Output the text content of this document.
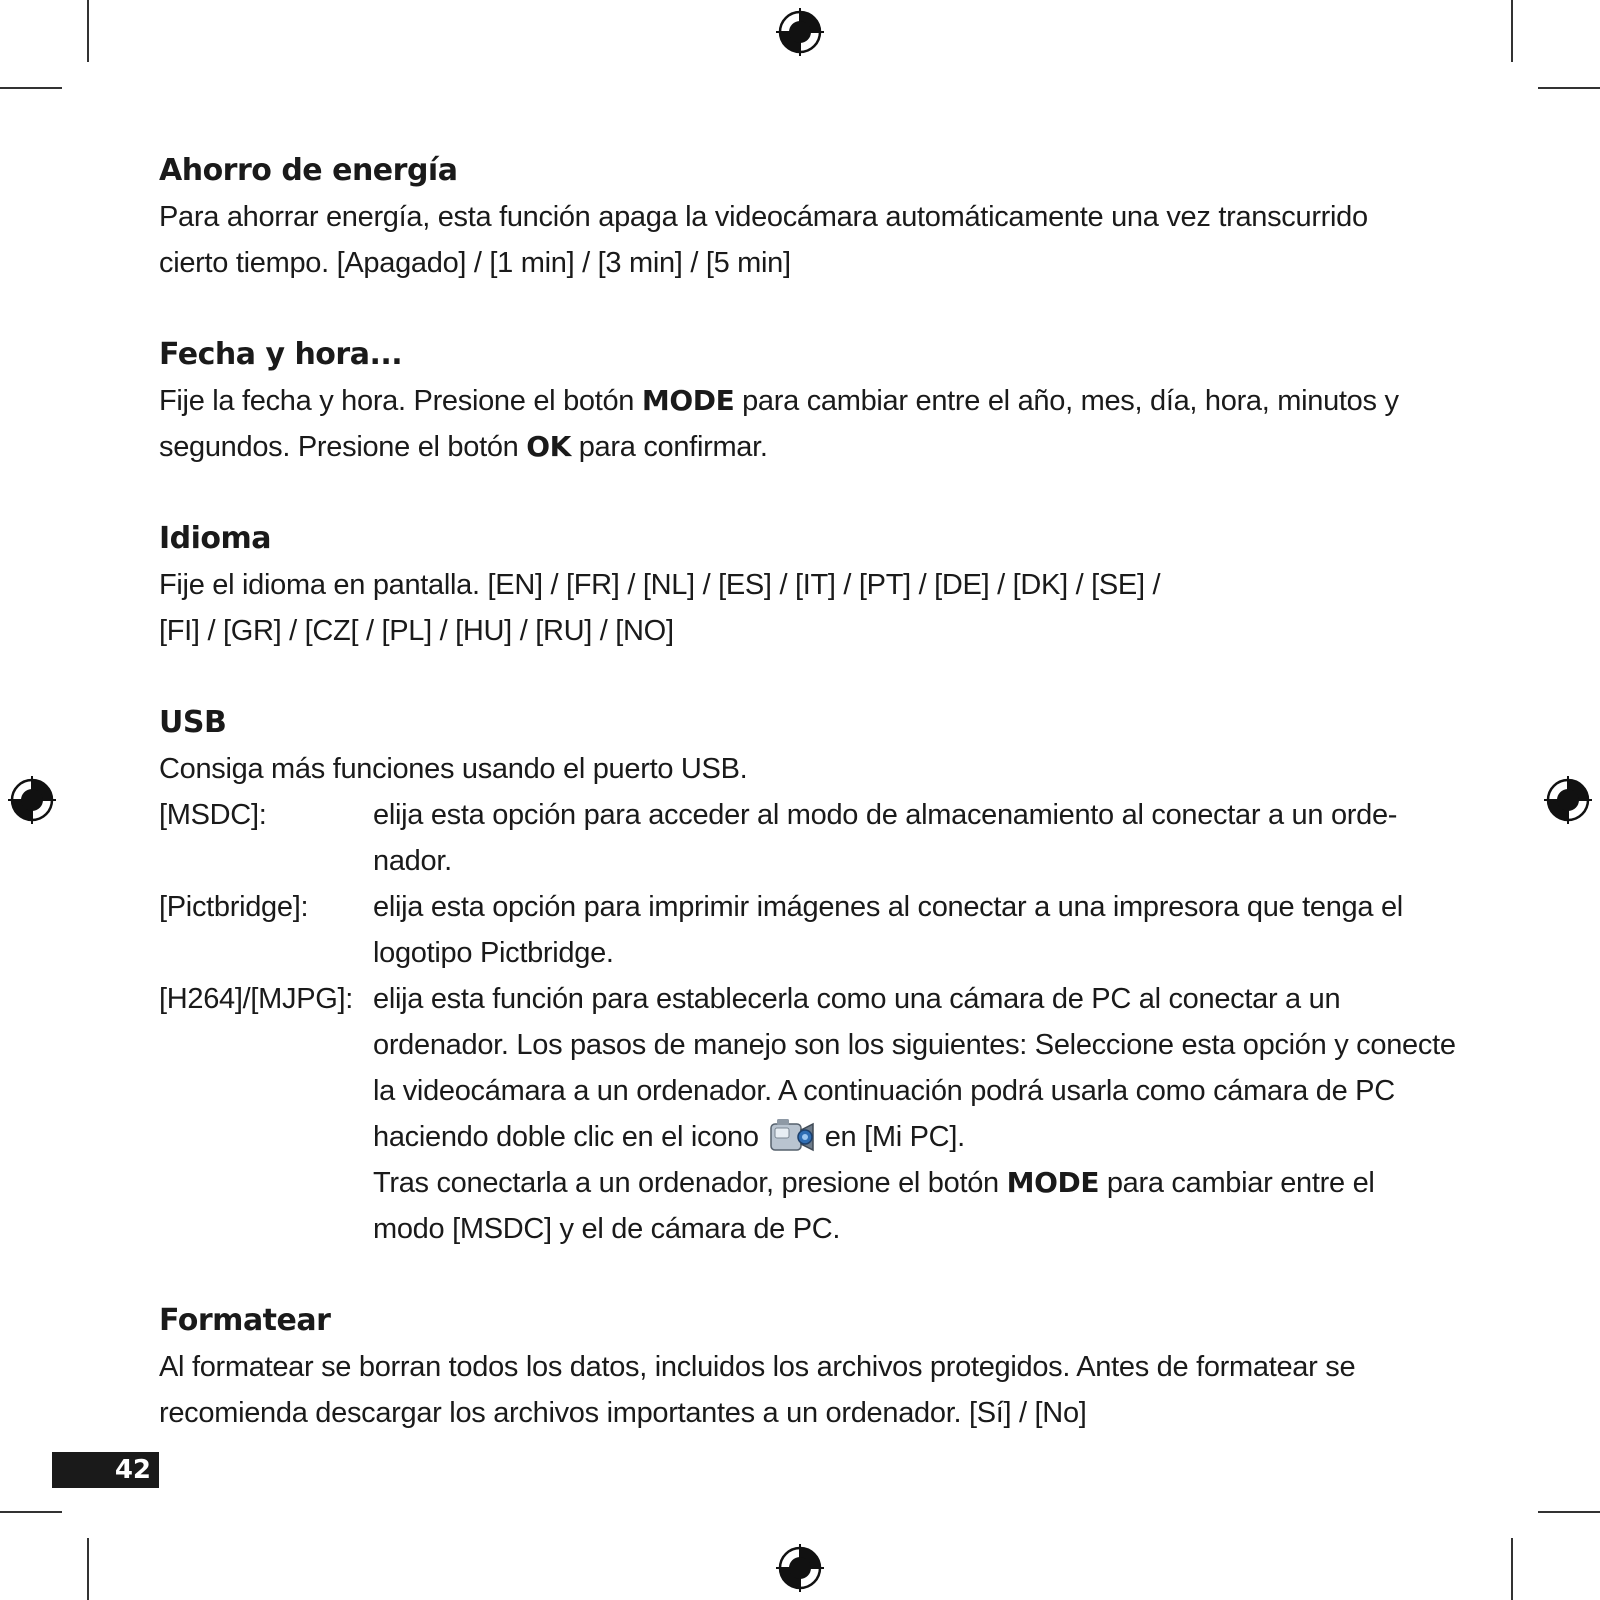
Ahorro de energía

Para ahorrar energía, esta función apaga la videocámara automáticamente una vez transcurrido

cierto tiempo. [Apagado] / [1 min] / [3 min] / [5 min]

Fecha y hora...

Fije la fecha y hora. Presione el botón MODE para cambiar entre el año, mes, día, hora, minutos y

segundos. Presione el botón OK para confirmar.

Idioma

Fije el idioma en pantalla. [EN] / [FR] / [NL] / [ES] / [IT] / [PT] / [DE] / [DK] / [SE] /

[FI] / [GR] / [CZ[ / [PL] / [HU] / [RU] / [NO]

USB

Consiga más funciones usando el puerto USB.

[MSDC]:	elija esta opción para acceder al modo de almacenamiento al conectar a un orde-

nador.

[Pictbridge]:	elija esta opción para imprimir imágenes al conectar a una impresora que tenga el

logotipo Pictbridge.

[H264]/[MJPG]: elija esta función para establecerla como una cámara de PC al conectar a un

ordenador. Los pasos de manejo son los siguientes: Seleccione esta opción y conecte

la videocámara a un ordenador. A continuación podrá usarla como cámara de PC

haciendo doble clic en el icono en [Mi PC].

Tras conectarla a un ordenador, presione el botón MODE para cambiar entre el

modo [MSDC] y el de cámara de PC.

Formatear

Al formatear se borran todos los datos, incluidos los archivos protegidos. Antes de formatear se

recomienda descargar los archivos importantes a un ordenador. [Sí] / [No]

42
